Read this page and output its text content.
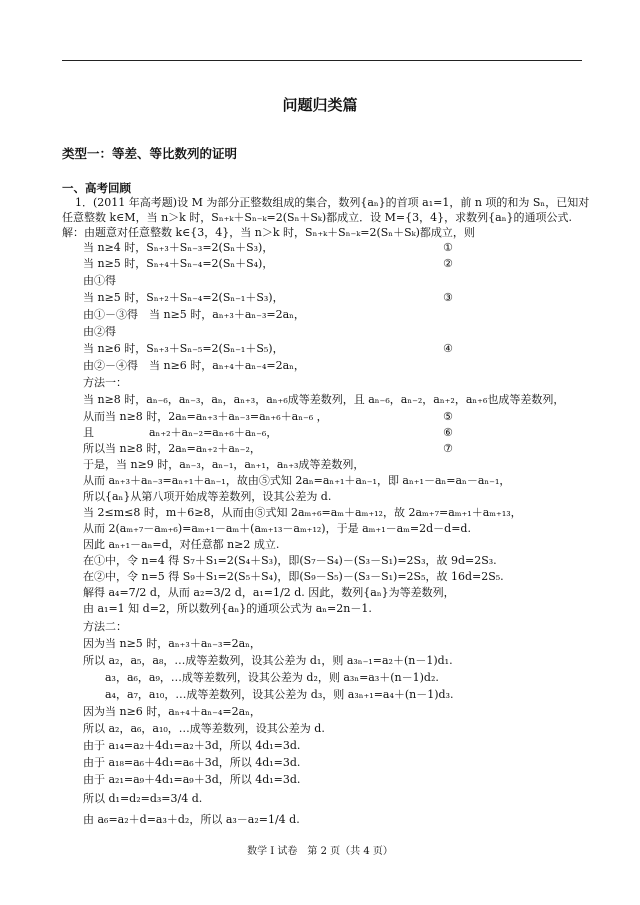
问题归类篇
类型一：等差、等比数列的证明
一、高考回顾
1．(2011 年高考题)设 M 为部分正整数组成的集合，数列{aₙ}的首项 a₁=1，前 n 项的和为 Sₙ，已知对
任意整数 k∈M，当 n＞k 时，Sₙ₊ₖ＋Sₙ₋ₖ=2(Sₙ＋Sₖ)都成立．设 M={3，4}，求数列{aₙ}的通项公式.
解：由题意对任意整数 k∈{3，4}，当 n＞k 时，Sₙ₊ₖ＋Sₙ₋ₖ=2(Sₙ＋Sₖ)都成立，则
当 n≥4 时，Sₙ₊₃＋Sₙ₋₃=2(Sₙ＋S₃)，
当 n≥5 时，Sₙ₊₄＋Sₙ₋₄=2(Sₙ＋S₄)，
由①得
当 n≥5 时，Sₙ₊₂＋Sₙ₋₄=2(Sₙ₋₁＋S₃)，
由①－③得　当 n≥5 时，aₙ₊₃＋aₙ₋₃=2aₙ，
由②得
当 n≥6 时，Sₙ₊₃＋Sₙ₋₅=2(Sₙ₋₁＋S₅)，
由②－④得　当 n≥6 时，aₙ₊₄＋aₙ₋₄=2aₙ，
方法一：
当 n≥8 时，aₙ₋₆，aₙ₋₃，aₙ，aₙ₊₃，aₙ₊₆成等差数列，且 aₙ₋₆，aₙ₋₂，aₙ₊₂，aₙ₊₆也成等差数列，
从而当 n≥8 时，2aₙ=aₙ₊₃＋aₙ₋₃=aₙ₊₆＋aₙ₋₆ ，
且　　　　　aₙ₊₂＋aₙ₋₂=aₙ₊₆＋aₙ₋₆，
所以当 n≥8 时，2aₙ=aₙ₊₂＋aₙ₋₂，
于是，当 n≥9 时，aₙ₋₃，aₙ₋₁，aₙ₊₁，aₙ₊₃成等差数列，
从而 aₙ₊₃＋aₙ₋₃=aₙ₊₁＋aₙ₋₁，故由⑤式知 2aₙ=aₙ₊₁＋aₙ₋₁，即 aₙ₊₁－aₙ=aₙ－aₙ₋₁，
所以{aₙ}从第八项开始成等差数列，设其公差为 d.
当 2≤m≤8 时，m＋6≥8，从而由⑤式知 2aₘ₊₆=aₘ＋aₘ₊₁₂，故 2aₘ₊₇=aₘ₊₁＋aₘ₊₁₃，
从而 2(aₘ₊₇－aₘ₊₆)=aₘ₊₁－aₘ＋(aₘ₊₁₃－aₘ₊₁₂)，于是 aₘ₊₁－aₘ=2d－d=d.
因此 aₙ₊₁－aₙ=d，对任意都 n≥2 成立.
在①中，令 n=4 得 S₇＋S₁=2(S₄＋S₃)，即(S₇－S₄)－(S₃－S₁)=2S₃，故 9d=2S₃.
在②中，令 n=5 得 S₉＋S₁=2(S₅＋S₄)，即(S₉－S₅)－(S₃－S₁)=2S₅，故 16d=2S₅.
解得 a₄=7/2 d，从而 a₂=3/2 d，a₁=1/2 d. 因此，数列{aₙ}为等差数列，
由 a₁=1 知 d=2，所以数列{aₙ}的通项公式为 aₙ=2n－1.
方法二：
因为当 n≥5 时，aₙ₊₃＋aₙ₋₃=2aₙ，
所以 a₂，a₅，a₈，…成等差数列，设其公差为 d₁，则 a₃ₙ₋₁=a₂＋(n－1)d₁.
a₃，a₆，a₉，…成等差数列，设其公差为 d₂，则 a₃ₙ=a₃＋(n－1)d₂.
a₄，a₇，a₁₀，…成等差数列，设其公差为 d₃，则 a₃ₙ₊₁=a₄＋(n－1)d₃.
因为当 n≥6 时，aₙ₊₄＋aₙ₋₄=2aₙ，
所以 a₂，a₆，a₁₀，…成等差数列，设其公差为 d.
由于 a₁₄=a₂＋4d₁=a₂＋3d，所以 4d₁=3d.
由于 a₁₈=a₆＋4d₁=a₆＋3d，所以 4d₁=3d.
由于 a₂₁=a₉＋4d₁=a₉＋3d，所以 4d₁=3d.
所以 d₁=d₂=d₃=3/4 d.
由 a₆=a₂＋d=a₃＋d₂，所以 a₃－a₂=1/4 d.
①
②
③
④
⑤
⑥
⑦
数学 I 试卷　第 2 页（共 4 页）
